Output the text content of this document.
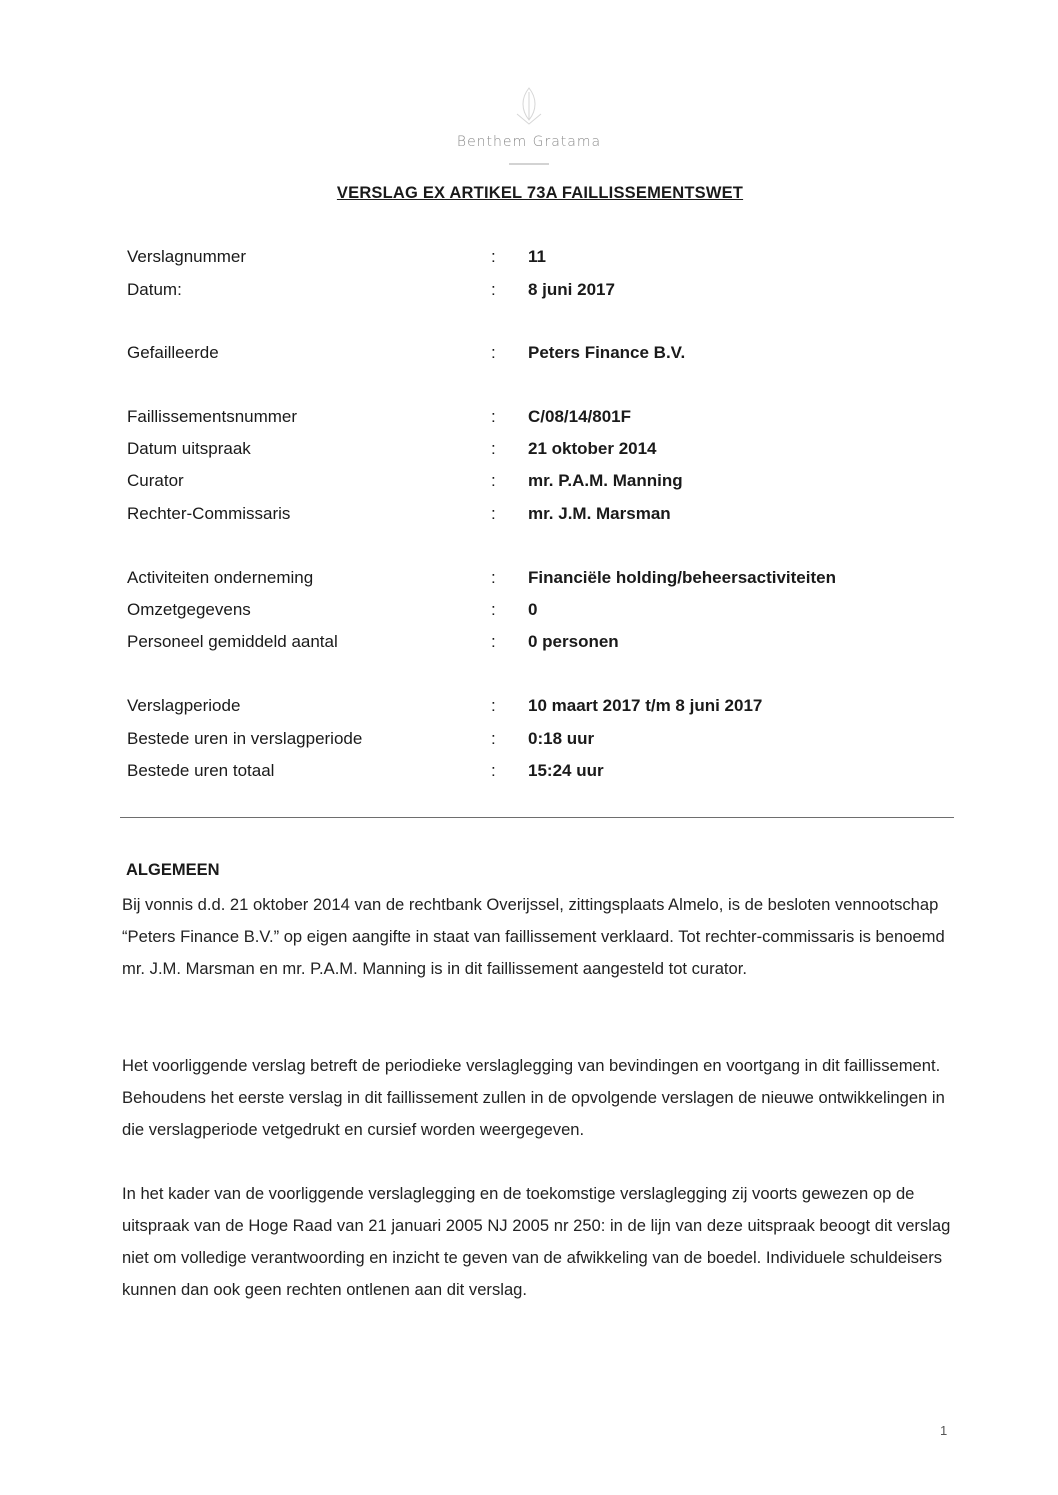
Benthem Gratama
VERSLAG EX ARTIKEL 73A FAILLISSEMENTSWET
Verslagnummer	: 11
Datum:	: 8 juni 2017
Gefailleerde	: Peters Finance B.V.
Faillissementsnummer	: C/08/14/801F
Datum uitspraak	: 21 oktober 2014
Curator	: mr. P.A.M. Manning
Rechter-Commissaris	: mr. J.M. Marsman
Activiteiten onderneming	: Financiële holding/beheersactiviteiten
Omzetgegevens	: 0
Personeel gemiddeld aantal	: 0 personen
Verslagperiode	: 10 maart 2017 t/m 8 juni 2017
Bestede uren in verslagperiode	: 0:18 uur
Bestede uren totaal	: 15:24 uur
ALGEMEEN

Bij vonnis d.d. 21 oktober 2014 van de rechtbank Overijssel, zittingsplaats Almelo, is de besloten vennootschap “Peters Finance B.V.” op eigen aangifte in staat van faillissement verklaard. Tot rechter-commissaris is benoemd mr. J.M. Marsman en mr. P.A.M. Manning is in dit faillissement aangesteld tot curator.

Het voorliggende verslag betreft de periodieke verslaglegging van bevindingen en voortgang in dit faillissement. Behoudens het eerste verslag in dit faillissement zullen in de opvolgende verslagen de nieuwe ontwikkelingen in die verslagperiode vetgedrukt en cursief worden weergegeven.

In het kader van de voorliggende verslaglegging en de toekomstige verslaglegging zij voorts gewezen op de uitspraak van de Hoge Raad van 21 januari 2005 NJ 2005 nr 250: in de lijn van deze uitspraak beoogt dit verslag niet om volledige verantwoording en inzicht te geven van de afwikkeling van de boedel. Individuele schuldeisers kunnen dan ook geen rechten ontlenen aan dit verslag.

1
